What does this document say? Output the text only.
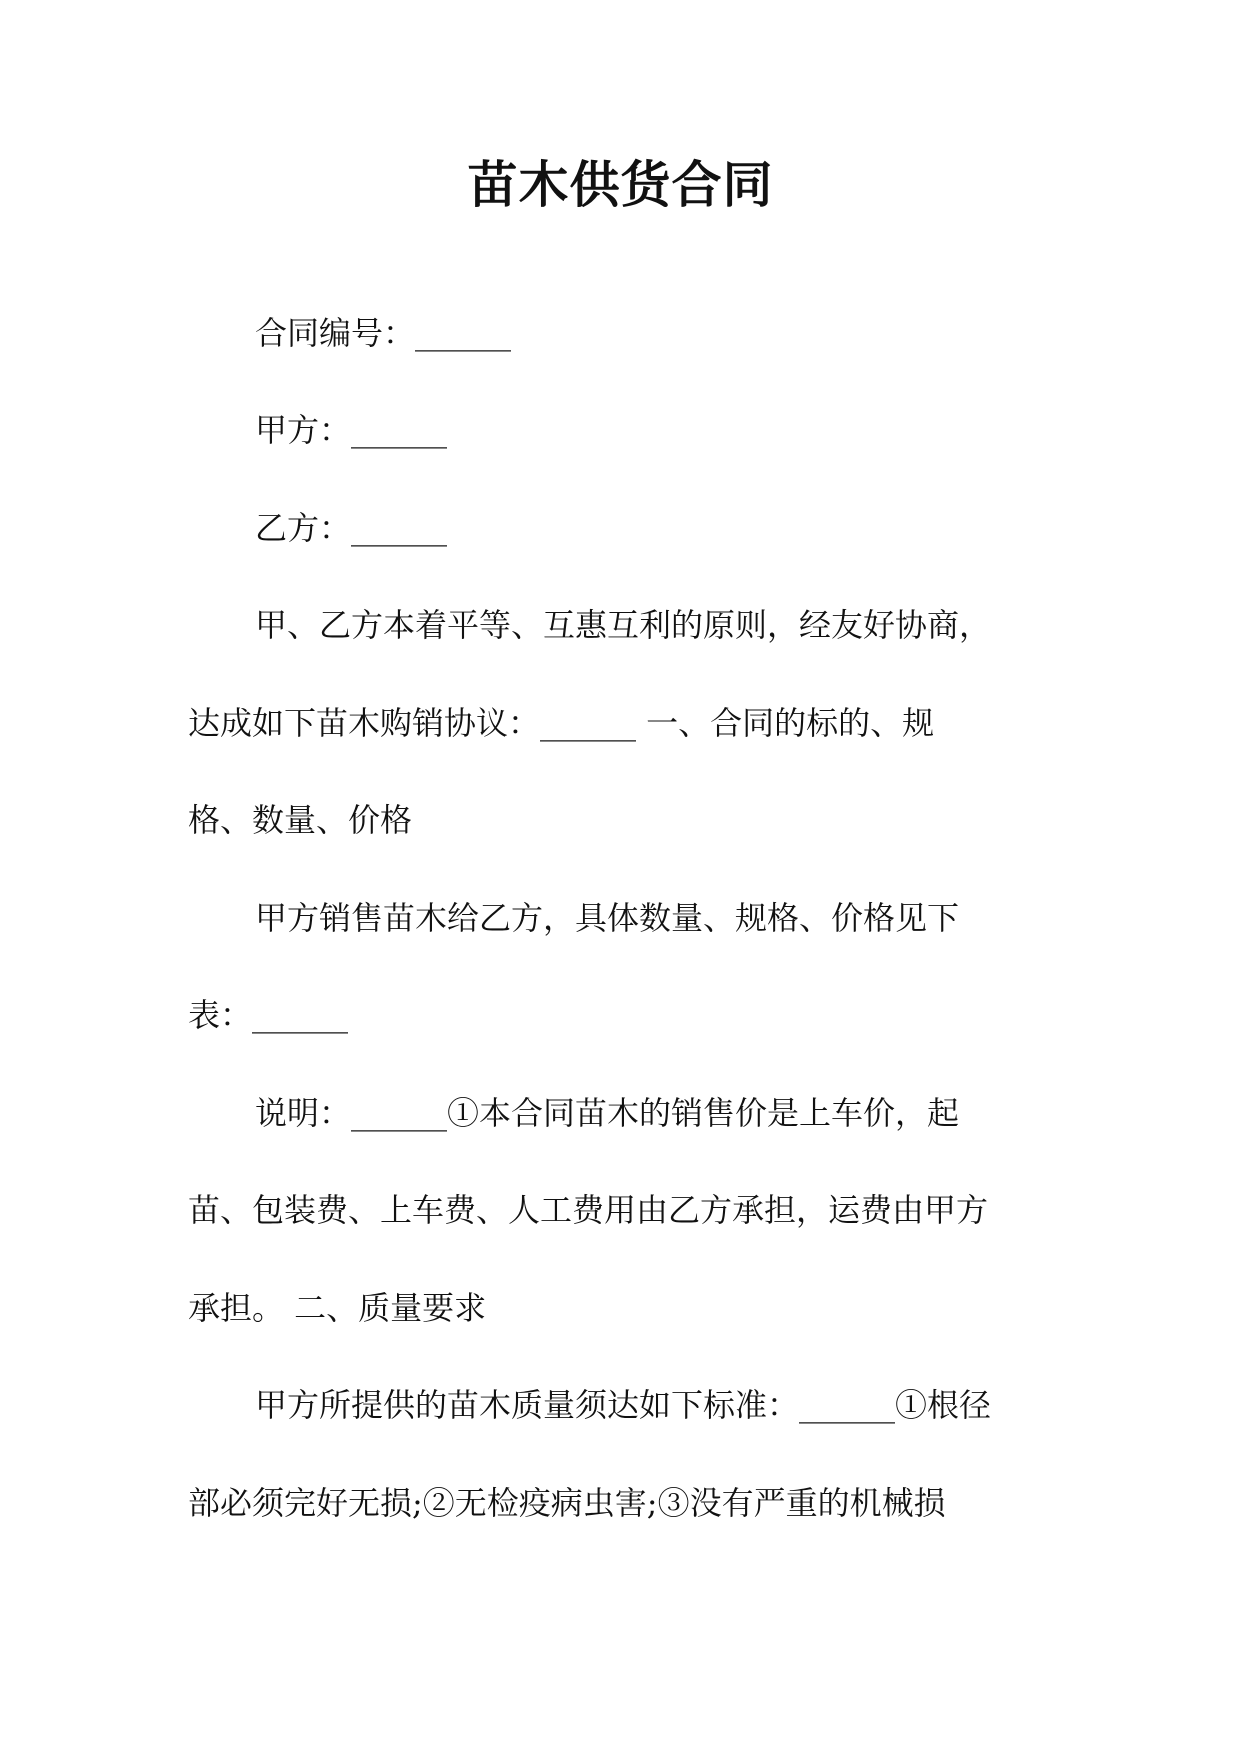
苗木供货合同
合同编号：______
甲方：______
乙方：______
甲、乙方本着平等、互惠互利的原则，经友好协商，
达成如下苗木购销协议：______ 一、合同的标的、规
格、数量、价格
甲方销售苗木给乙方，具体数量、规格、价格见下
表：______
说明：______①本合同苗木的销售价是上车价，起
苗、包装费、上车费、人工费用由乙方承担，运费由甲方
承担。 二、质量要求
甲方所提供的苗木质量须达如下标准：______①根径
部必须完好无损;②无检疫病虫害;③没有严重的机械损
